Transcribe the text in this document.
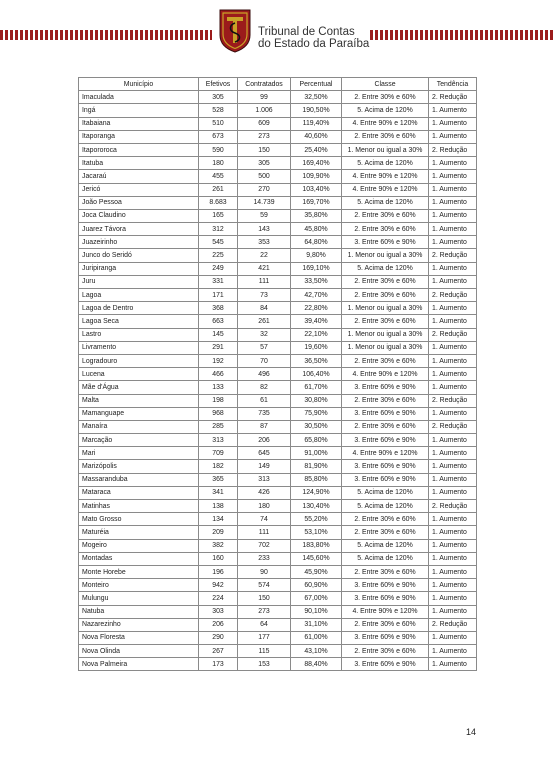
Tribunal de Contas
do Estado da Paraíba
Município	Efetivos	Contratados	Percentual	Classe	Tendência
Imaculada	305	99	32,50%	2. Entre 30% e 60%	2. Redução
Ingá	528	1.006	190,50%	5. Acima de 120%	1. Aumento
Itabaiana	510	609	119,40%	4. Entre 90% e 120%	1. Aumento
Itaporanga	673	273	40,60%	2. Entre 30% e 60%	1. Aumento
Itapororoca	590	150	25,40%	1. Menor ou igual a 30%	2. Redução
Itatuba	180	305	169,40%	5. Acima de 120%	1. Aumento
Jacaraú	455	500	109,90%	4. Entre 90% e 120%	1. Aumento
Jericó	261	270	103,40%	4. Entre 90% e 120%	1. Aumento
João Pessoa	8.683	14.739	169,70%	5. Acima de 120%	1. Aumento
Joca Claudino	165	59	35,80%	2. Entre 30% e 60%	1. Aumento
Juarez Távora	312	143	45,80%	2. Entre 30% e 60%	1. Aumento
Juazeirinho	545	353	64,80%	3. Entre 60% e 90%	1. Aumento
Junco do Seridó	225	22	9,80%	1. Menor ou igual a 30%	2. Redução
Juripiranga	249	421	169,10%	5. Acima de 120%	1. Aumento
Juru	331	111	33,50%	2. Entre 30% e 60%	1. Aumento
Lagoa	171	73	42,70%	2. Entre 30% e 60%	2. Redução
Lagoa de Dentro	368	84	22,80%	1. Menor ou igual a 30%	1. Aumento
Lagoa Seca	663	261	39,40%	2. Entre 30% e 60%	1. Aumento
Lastro	145	32	22,10%	1. Menor ou igual a 30%	2. Redução
Livramento	291	57	19,60%	1. Menor ou igual a 30%	1. Aumento
Logradouro	192	70	36,50%	2. Entre 30% e 60%	1. Aumento
Lucena	466	496	106,40%	4. Entre 90% e 120%	1. Aumento
Mãe d'Água	133	82	61,70%	3. Entre 60% e 90%	1. Aumento
Malta	198	61	30,80%	2. Entre 30% e 60%	2. Redução
Mamanguape	968	735	75,90%	3. Entre 60% e 90%	1. Aumento
Manaíra	285	87	30,50%	2. Entre 30% e 60%	2. Redução
Marcação	313	206	65,80%	3. Entre 60% e 90%	1. Aumento
Mari	709	645	91,00%	4. Entre 90% e 120%	1. Aumento
Marizópolis	182	149	81,90%	3. Entre 60% e 90%	1. Aumento
Massaranduba	365	313	85,80%	3. Entre 60% e 90%	1. Aumento
Mataraca	341	426	124,90%	5. Acima de 120%	1. Aumento
Matinhas	138	180	130,40%	5. Acima de 120%	2. Redução
Mato Grosso	134	74	55,20%	2. Entre 30% e 60%	1. Aumento
Maturéia	209	111	53,10%	2. Entre 30% e 60%	1. Aumento
Mogeiro	382	702	183,80%	5. Acima de 120%	1. Aumento
Montadas	160	233	145,60%	5. Acima de 120%	1. Aumento
Monte Horebe	196	90	45,90%	2. Entre 30% e 60%	1. Aumento
Monteiro	942	574	60,90%	3. Entre 60% e 90%	1. Aumento
Mulungu	224	150	67,00%	3. Entre 60% e 90%	1. Aumento
Natuba	303	273	90,10%	4. Entre 90% e 120%	1. Aumento
Nazarezinho	206	64	31,10%	2. Entre 30% e 60%	2. Redução
Nova Floresta	290	177	61,00%	3. Entre 60% e 90%	1. Aumento
Nova Olinda	267	115	43,10%	2. Entre 30% e 60%	1. Aumento
Nova Palmeira	173	153	88,40%	3. Entre 60% e 90%	1. Aumento
14
